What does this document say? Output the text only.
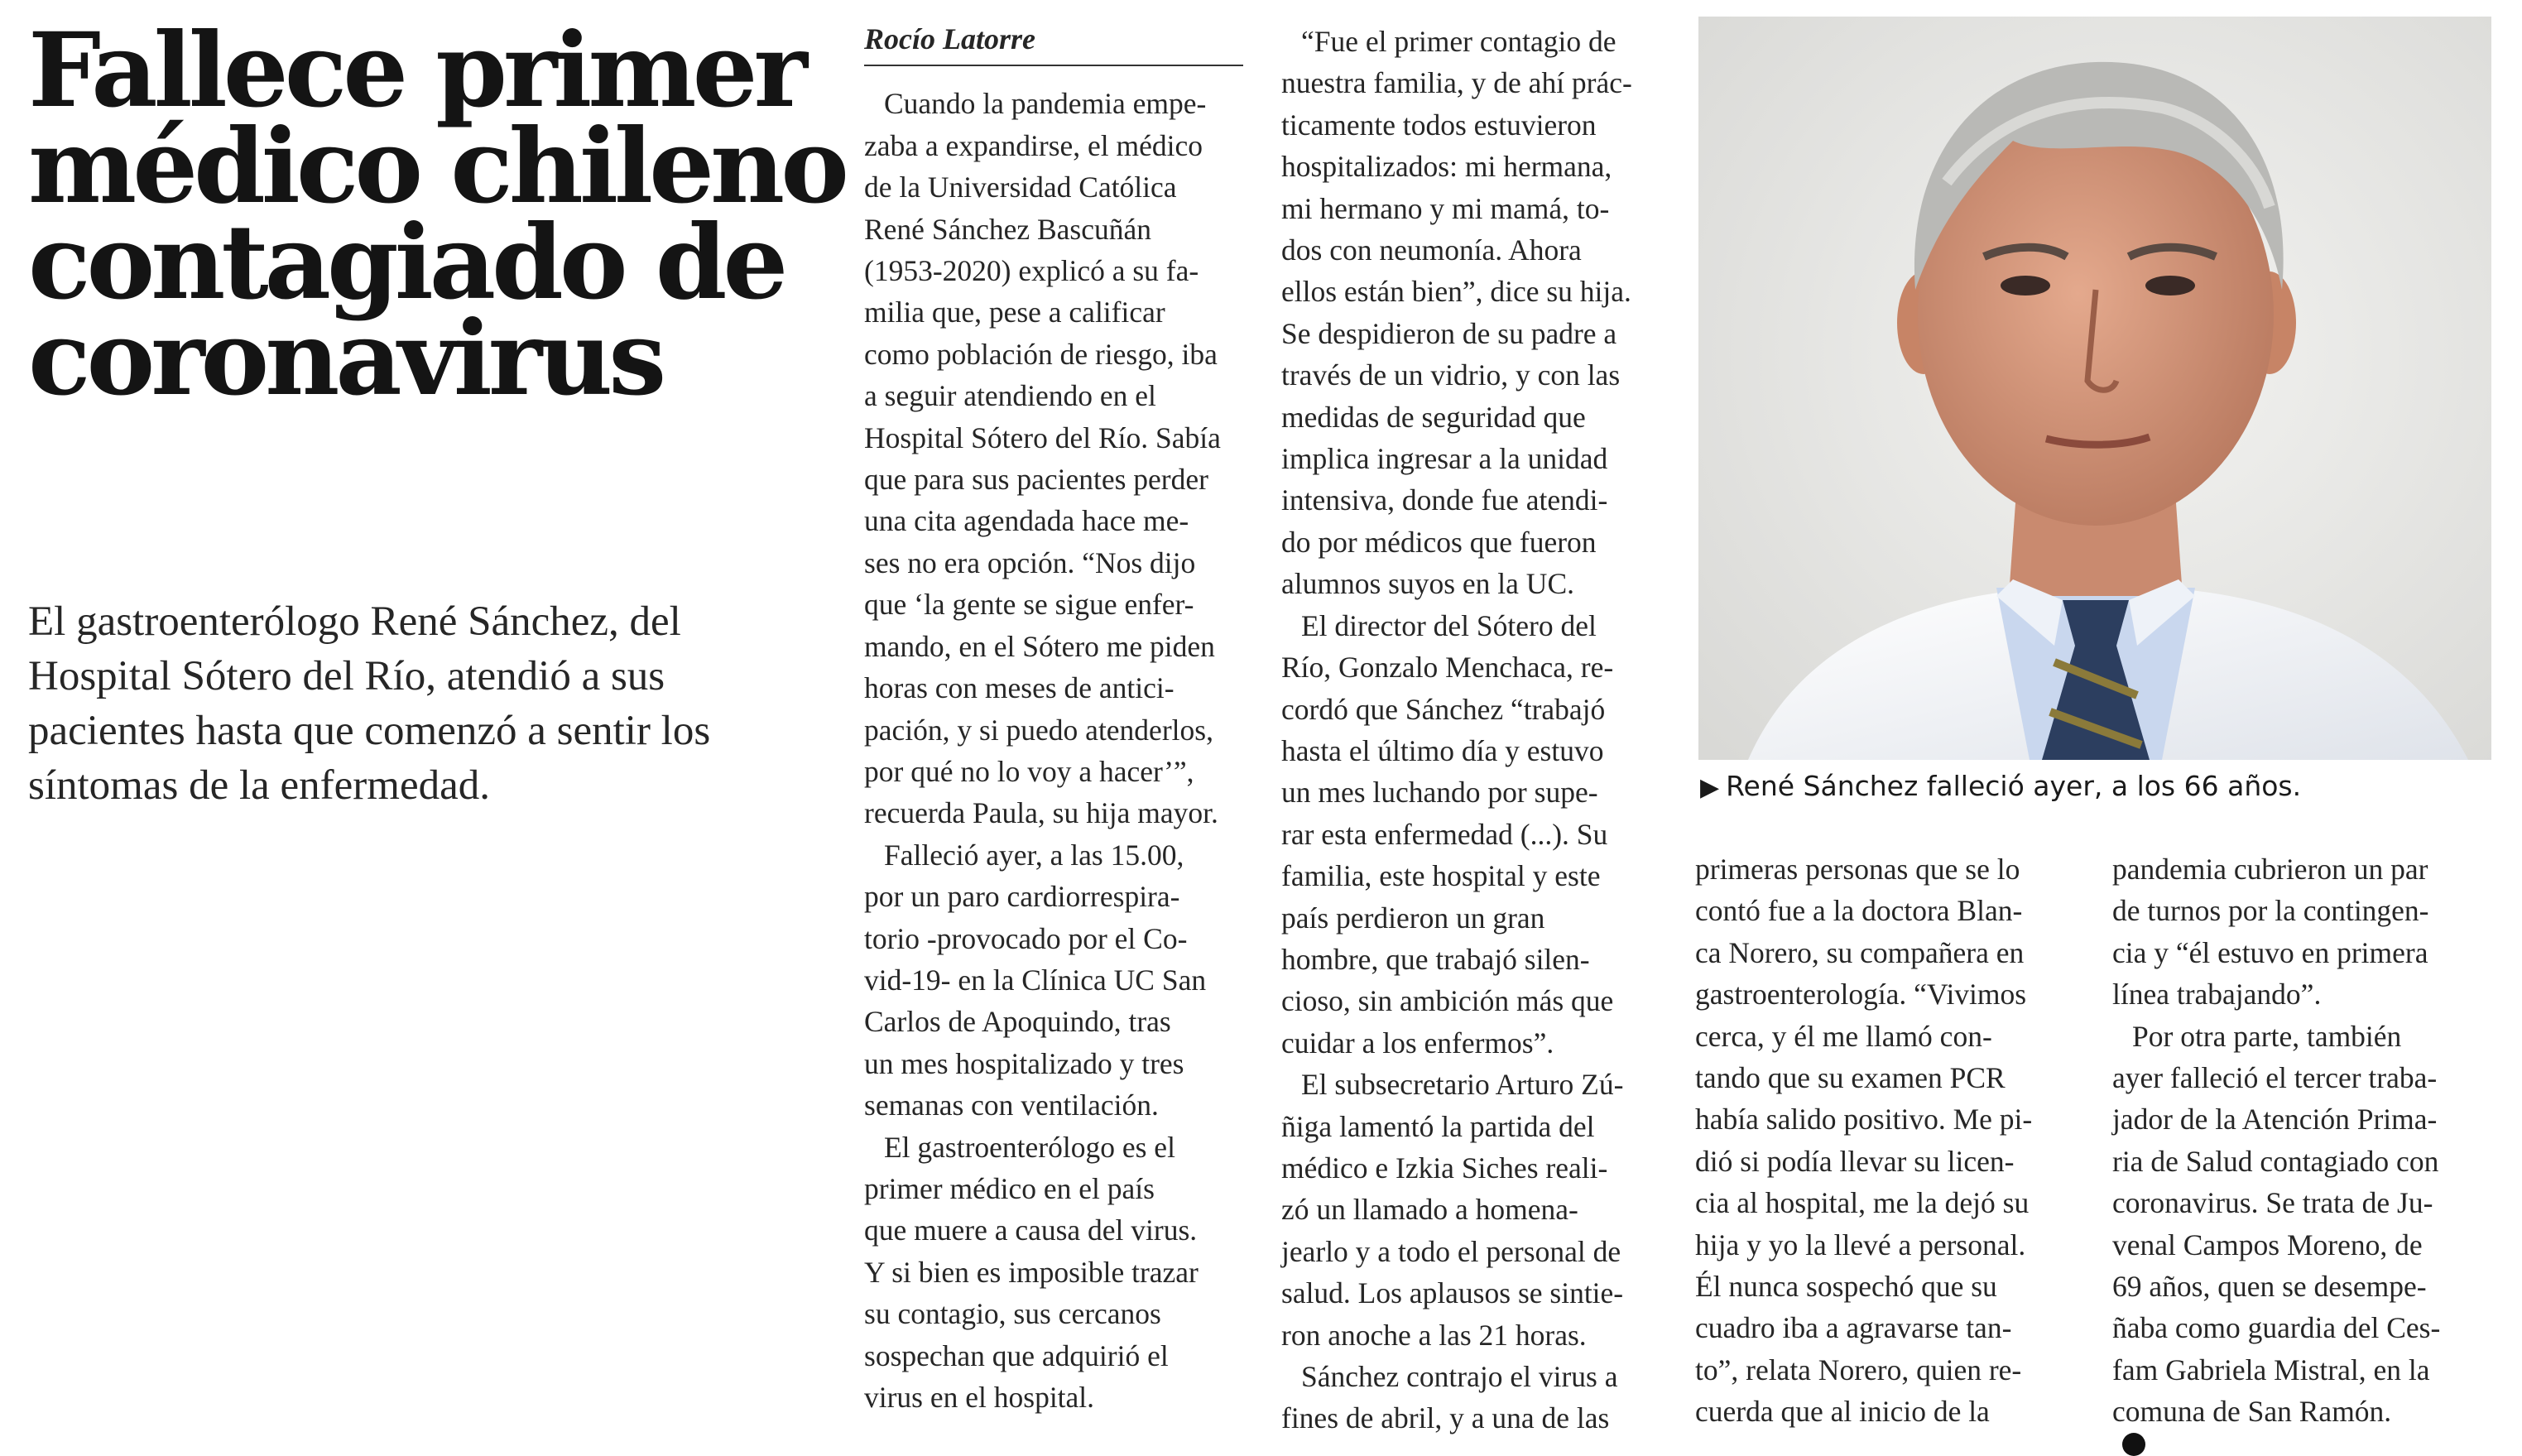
Fallece primer
médico chileno
contagiado de
coronavirus
El gastroenterólogo René Sánchez, del
Hospital Sótero del Río, atendió a sus
pacientes hasta que comenzó a sentir los
síntomas de la enfermedad.
Rocío Latorre
Cuando la pandemia empe-
zaba a expandirse, el médico
de la Universidad Católica
René Sánchez Bascuñán
(1953-2020) explicó a su fa-
milia que, pese a calificar
como población de riesgo, iba
a seguir atendiendo en el
Hospital Sótero del Río. Sabía
que para sus pacientes perder
una cita agendada hace me-
ses no era opción. “Nos dijo
que ‘la gente se sigue enfer-
mando, en el Sótero me piden
horas con meses de antici-
pación, y si puedo atenderlos,
por qué no lo voy a hacer’”,
recuerda Paula, su hija mayor.
Falleció ayer, a las 15.00,
por un paro cardiorrespira-
torio -provocado por el Co-
vid-19- en la Clínica UC San
Carlos de Apoquindo, tras
un mes hospitalizado y tres
semanas con ventilación.
El gastroenterólogo es el
primer médico en el país
que muere a causa del virus.
Y si bien es imposible trazar
su contagio, sus cercanos
sospechan que adquirió el
virus en el hospital.
“Fue el primer contagio de
nuestra familia, y de ahí prác-
ticamente todos estuvieron
hospitalizados: mi hermana,
mi hermano y mi mamá, to-
dos con neumonía. Ahora
ellos están bien”, dice su hija.
Se despidieron de su padre a
través de un vidrio, y con las
medidas de seguridad que
implica ingresar a la unidad
intensiva, donde fue atendi-
do por médicos que fueron
alumnos suyos en la UC.
El director del Sótero del
Río, Gonzalo Menchaca, re-
cordó que Sánchez “trabajó
hasta el último día y estuvo
un mes luchando por supe-
rar esta enfermedad (...). Su
familia, este hospital y este
país perdieron un gran
hombre, que trabajó silen-
cioso, sin ambición más que
cuidar a los enfermos”.
El subsecretario Arturo Zú-
ñiga lamentó la partida del
médico e Izkia Siches reali-
zó un llamado a homena-
jearlo y a todo el personal de
salud. Los aplausos se sintie-
ron anoche a las 21 horas.
Sánchez contrajo el virus a
fines de abril, y a una de las
▶ René Sánchez falleció ayer, a los 66 años.
primeras personas que se lo
contó fue a la doctora Blan-
ca Norero, su compañera en
gastroenterología. “Vivimos
cerca, y él me llamó con-
tando que su examen PCR
había salido positivo. Me pi-
dió si podía llevar su licen-
cia al hospital, me la dejó su
hija y yo la llevé a personal.
Él nunca sospechó que su
cuadro iba a agravarse tan-
to”, relata Norero, quien re-
cuerda que al inicio de la
pandemia cubrieron un par
de turnos por la contingen-
cia y “él estuvo en primera
línea trabajando”.
Por otra parte, también
ayer falleció el tercer traba-
jador de la Atención Prima-
ria de Salud contagiado con
coronavirus. Se trata de Ju-
venal Campos Moreno, de
69 años, quen se desempe-
ñaba como guardia del Ces-
fam Gabriela Mistral, en la
comuna de San Ramón.
